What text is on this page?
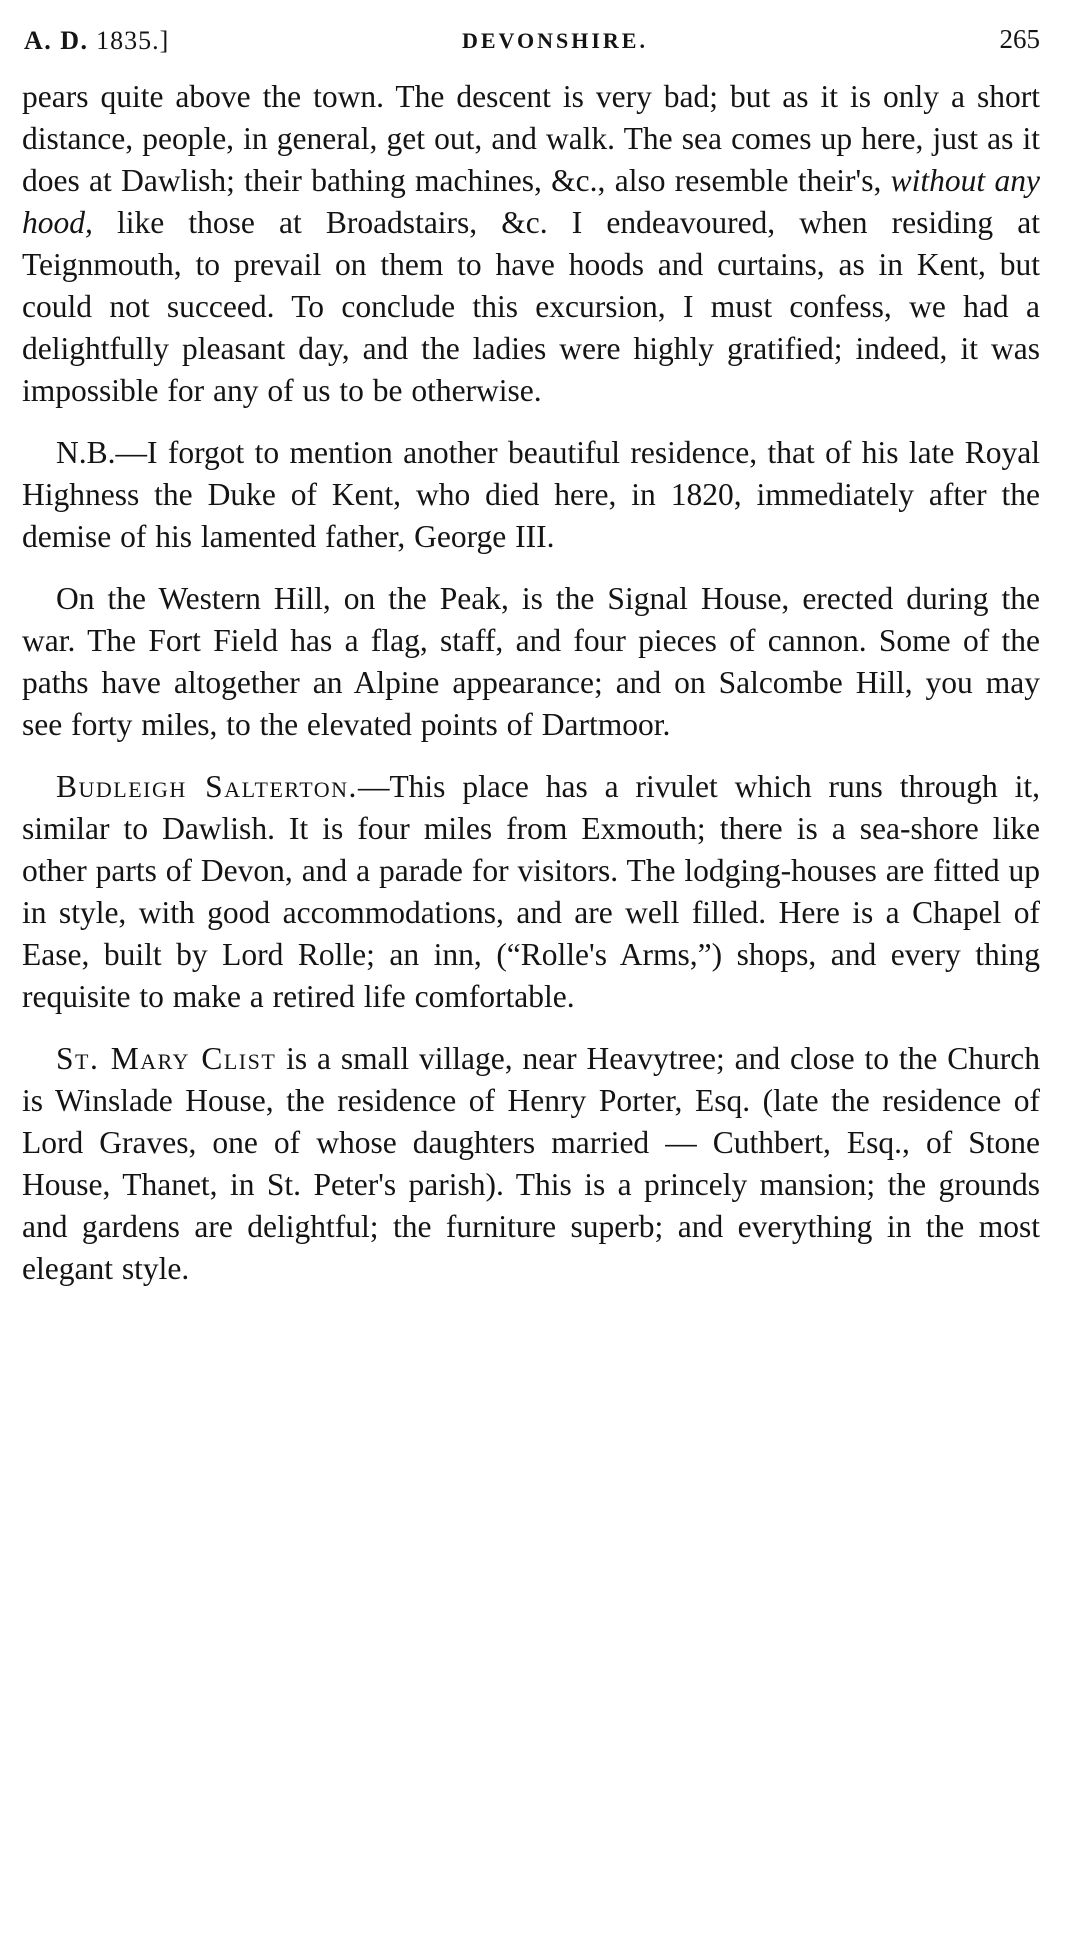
A. D. 1835.]	DEVONSHIRE.	265

pears quite above the town. The descent is very bad; but as it is only a short distance, people, in general, get out, and walk. The sea comes up here, just as it does at Dawlish; their bathing machines, &c., also resemble their's, without any hood, like those at Broadstairs, &c. I endeavoured, when residing at Teignmouth, to prevail on them to have hoods and curtains, as in Kent, but could not succeed. To conclude this excursion, I must confess, we had a delightfully pleasant day, and the ladies were highly gratified; indeed, it was impossible for any of us to be otherwise.

N.B.—I forgot to mention another beautiful residence, that of his late Royal Highness the Duke of Kent, who died here, in 1820, immediately after the demise of his lamented father, George III.

On the Western Hill, on the Peak, is the Signal House, erected during the war. The Fort Field has a flag, staff, and four pieces of cannon. Some of the paths have altogether an Alpine appearance; and on Salcombe Hill, you may see forty miles, to the elevated points of Dartmoor.

Budleigh Salterton.—This place has a rivulet which runs through it, similar to Dawlish. It is four miles from Exmouth; there is a sea-shore like other parts of Devon, and a parade for visitors. The lodging-houses are fitted up in style, with good accommodations, and are well filled. Here is a Chapel of Ease, built by Lord Rolle; an inn, (“Rolle's Arms,”) shops, and every thing requisite to make a retired life comfortable.

St. Mary Clist is a small village, near Heavytree; and close to the Church is Winslade House, the residence of Henry Porter, Esq. (late the residence of Lord Graves, one of whose daughters married — Cuthbert, Esq., of Stone House, Thanet, in St. Peter's parish). This is a princely mansion; the grounds and gardens are delightful; the furniture superb; and everything in the most elegant style.
